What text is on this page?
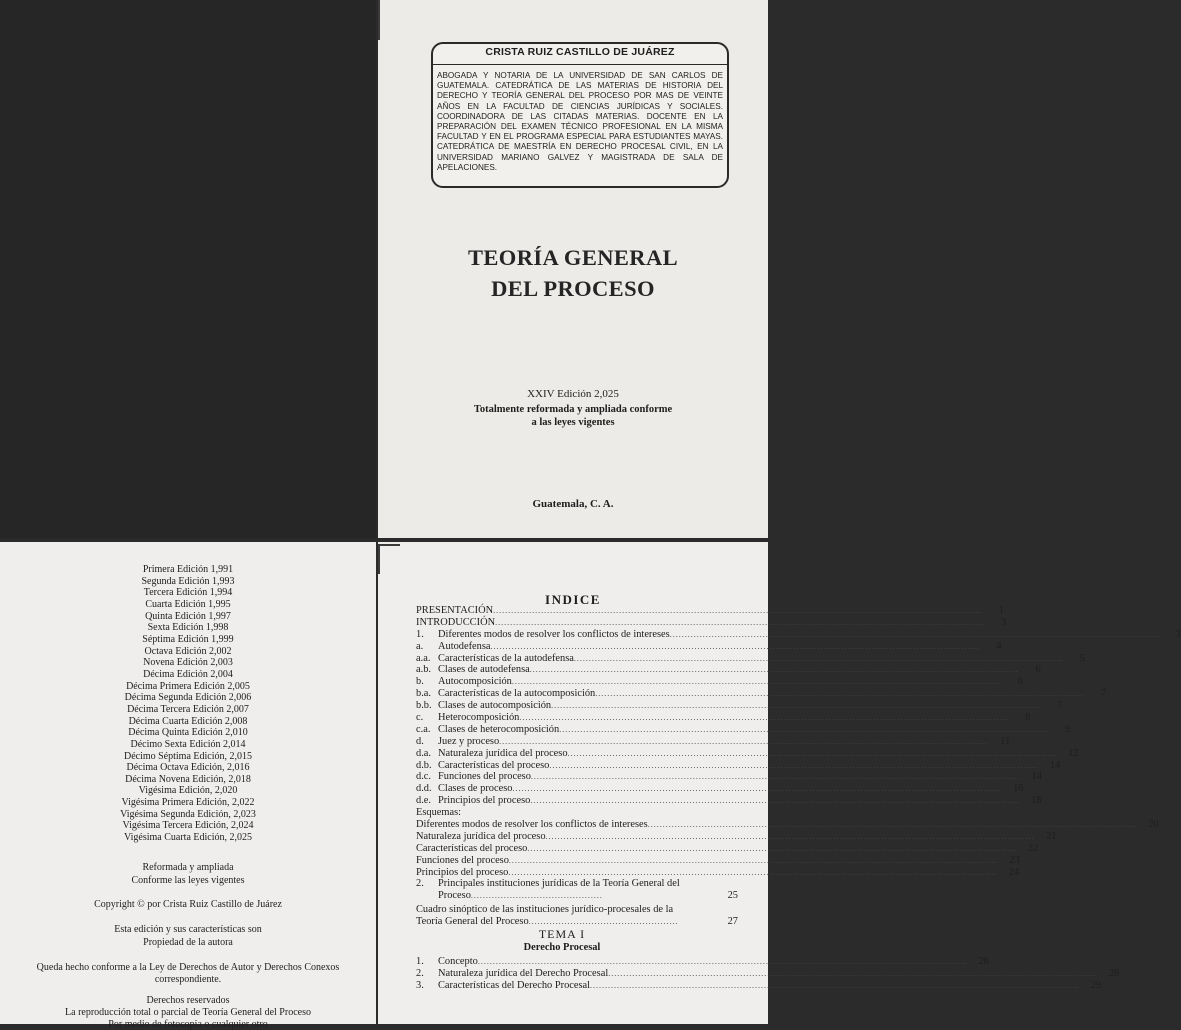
CRISTA RUIZ CASTILLO DE JUÁREZ
ABOGADA Y NOTARIA DE LA UNIVERSIDAD DE SAN CARLOS DE GUATEMALA. CATEDRÁTICA DE LAS MATERIAS DE HISTORIA DEL DERECHO Y TEORÍA GENERAL DEL PROCESO POR MAS DE VEINTE AÑOS EN LA FACULTAD DE CIENCIAS JURÍDICAS Y SOCIALES. COORDINADORA DE LAS CITADAS MATERIAS. DOCENTE EN LA PREPARACIÓN DEL EXAMEN TÉCNICO PROFESIONAL EN LA MISMA FACULTAD Y EN EL PROGRAMA ESPECIAL PARA ESTUDIANTES MAYAS. CATEDRÁTICA DE MAESTRÍA EN DERECHO PROCESAL CIVIL, EN LA UNIVERSIDAD MARIANO GALVEZ Y MAGISTRADA DE SALA DE APELACIONES.
TEORÍA GENERAL
DEL PROCESO
XXIV Edición 2,025
Totalmente reformada y ampliada conforme
a las leyes vigentes
Guatemala, C. A.
Primera Edición 1,991
Segunda Edición 1,993
Tercera Edición 1,994
Cuarta Edición 1,995
Quinta Edición 1,997
Sexta Edición 1,998
Séptima Edición 1,999
Octava Edición 2,002
Novena Edición 2,003
Décima Edición 2,004
Décima Primera Edición 2,005
Décima Segunda Edición 2,006
Décima Tercera Edición 2,007
Décima Cuarta Edición 2,008
Décima Quinta Edición 2,010
Décimo Sexta Edición 2,014
Décimo Séptima Edición, 2,015
Décima Octava Edición, 2,016
Décima Novena Edición, 2,018
Vigésima Edición, 2,020
Vigésima Primera Edición, 2,022
Vigésima Segunda Edición, 2,023
Vigésima Tercera Edición, 2,024
Vigésima Cuarta Edición, 2,025
Reformada y ampliada
Conforme las leyes vigentes
Copyright © por Crista Ruiz Castillo de Juárez
Esta edición y sus características son
Propiedad de la autora
Queda hecho conforme a la Ley de Derechos de Autor y Derechos Conexos
correspondiente.
Derechos reservados
La reproducción total o parcial de Teoría General del Proceso
Por medio de fotocopia o cualquier otro
INDICE
PRESENTACIÓN .....	1
INTRODUCCIÓN .....	3
1.	Diferentes modos de resolver los conflictos de intereses .....	3
a.	Autodefensa .....	4
a.a. Características de la autodefensa .....	5
a.b. Clases de autodefensa .....	6
b.	Autocomposición .....	6
b.a. Características de la autocomposición .....	7
b.b. Clases de autocomposición .....	7
c.	Heterocomposición .....	8
c.a. Clases de heterocomposición .....	9
d.	Juez y proceso .....	11
d.a. Naturaleza jurídica del proceso .....	12
d.b. Características del proceso .....	14
d.c. Funciones del proceso .....	14
d.d. Clases de proceso .....	16
d.e. Principios del proceso .....	18
Esquemas:
Diferentes modos de resolver los conflictos de intereses .....	20
Naturaleza jurídica del proceso .....	21
Características del proceso .....	22
Funciones del proceso .....	23
Principios del proceso .....	24
2. Principales instituciones jurídicas de la Teoría General del
Proceso ............................................	25
Cuadro sinóptico de las instituciones jurídico-procesales de la
Teoría General del Proceso ..................................................	27
TEMA I
Derecho Procesal
1.	Concepto .....	28
2.	Naturaleza jurídica del Derecho Procesal .....	28
3.	Características del Derecho Procesal .....	29
